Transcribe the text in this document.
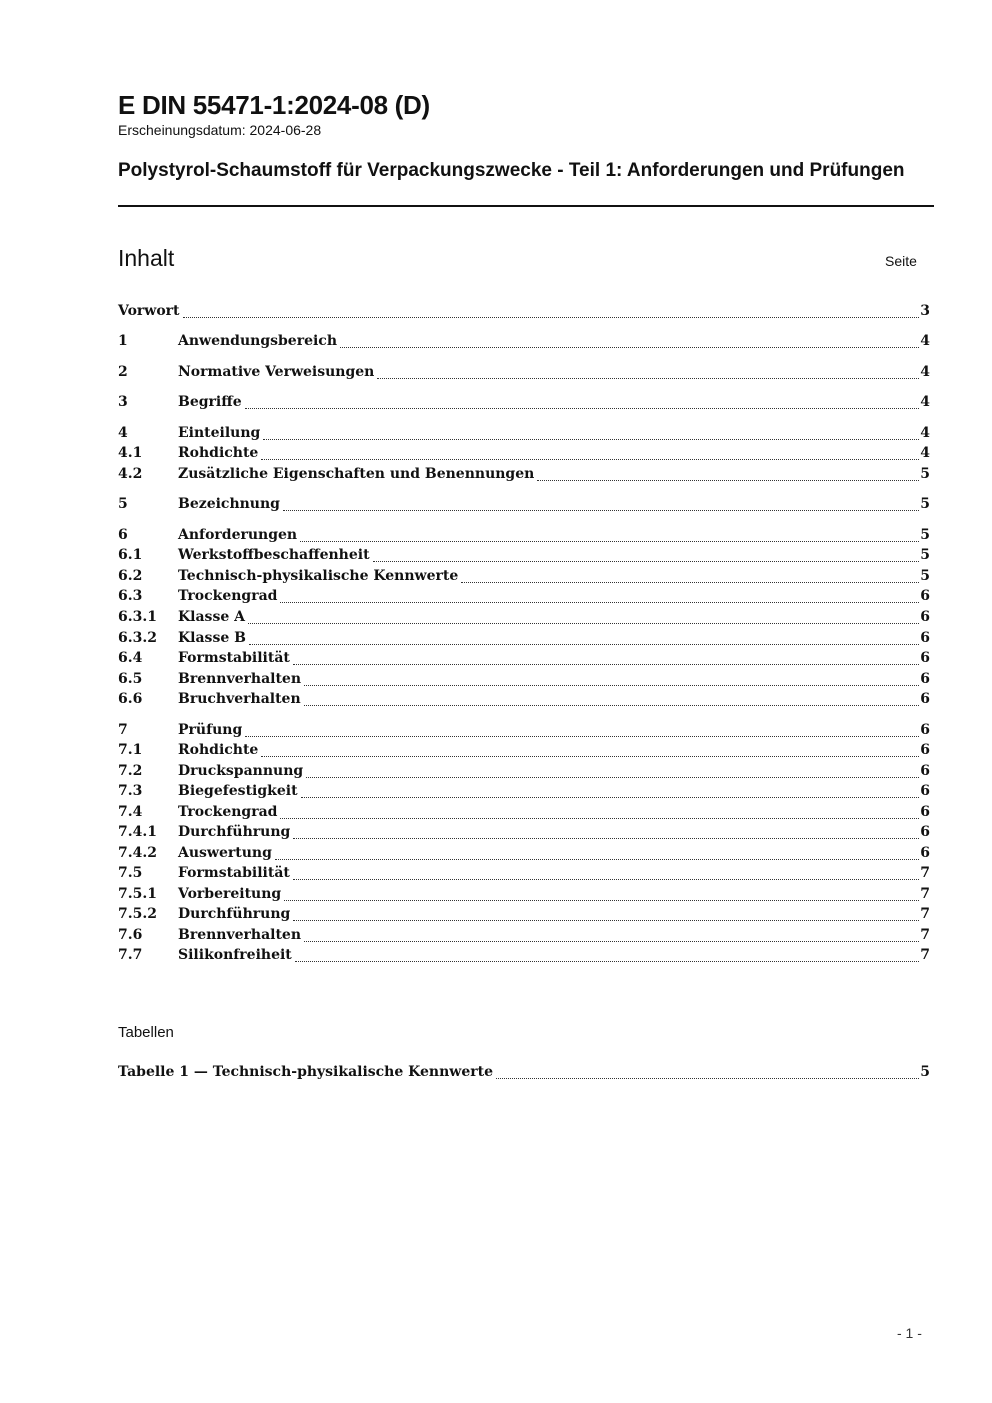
E DIN 55471-1:2024-08 (D)
Erscheinungsdatum: 2024-06-28
Polystyrol-Schaumstoff für Verpackungszwecke - Teil 1: Anforderungen und Prüfungen
Inhalt	Seite
Vorwort	3
1	Anwendungsbereich	4
2	Normative Verweisungen	4
3	Begriffe	4
4	Einteilung	4
4.1	Rohdichte	4
4.2	Zusätzliche Eigenschaften und Benennungen	5
5	Bezeichnung	5
6	Anforderungen	5
6.1	Werkstoffbeschaffenheit	5
6.2	Technisch-physikalische Kennwerte	5
6.3	Trockengrad	6
6.3.1	Klasse A	6
6.3.2	Klasse B	6
6.4	Formstabilität	6
6.5	Brennverhalten	6
6.6	Bruchverhalten	6
7	Prüfung	6
7.1	Rohdichte	6
7.2	Druckspannung	6
7.3	Biegefestigkeit	6
7.4	Trockengrad	6
7.4.1	Durchführung	6
7.4.2	Auswertung	6
7.5	Formstabilität	7
7.5.1	Vorbereitung	7
7.5.2	Durchführung	7
7.6	Brennverhalten	7
7.7	Silikonfreiheit	7
Tabellen
Tabelle 1 — Technisch-physikalische Kennwerte	5
- 1 -
